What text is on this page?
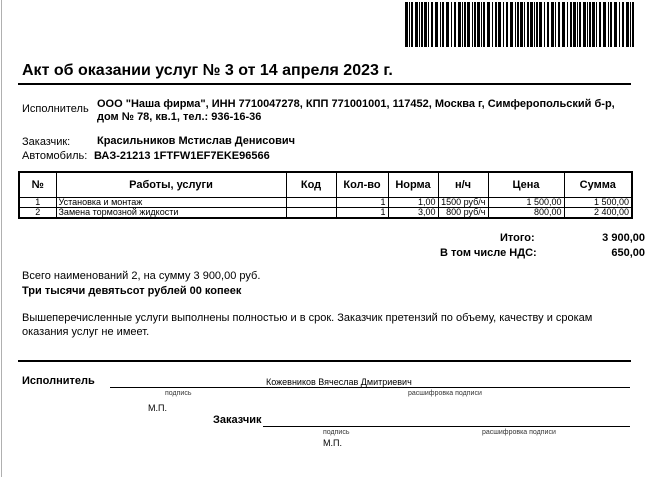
Акт об оказании услуг № 3 от 14 апреля 2023 г.
Исполнитель ООО "Наша фирма", ИНН 7710047278, КПП 771001001, 117452, Москва г, Симферопольский б-р,
дом № 78, кв.1, тел.: 936-16-36
Заказчик: Красильников Мстислав Денисович
Автомобиль: ВАЗ-21213 1FTFW1EF7EKE96566
№	Работы, услуги	Код	Кол-во	Норма	н/ч	Цена	Сумма
1	Установка и монтаж		1	1,00	1500 руб/ч	1 500,00	1 500,00
2	Замена тормозной жидкости		1	3,00	800 руб/ч	800,00	2 400,00
Итого:	3 900,00
В том числе НДС:	650,00
Всего наименований 2, на сумму 3 900,00 руб.
Три тысячи девятьсот рублей 00 копеек
Вышеперечисленные услуги выполнены полностью и в срок. Заказчик претензий по объему, качеству и срокам
оказания услуг не имеет.
Исполнитель	Кожевников Вячеслав Дмитриевич
подпись	расшифровка подписи
М.П.
Заказчик
подпись	расшифровка подписи
М.П.
